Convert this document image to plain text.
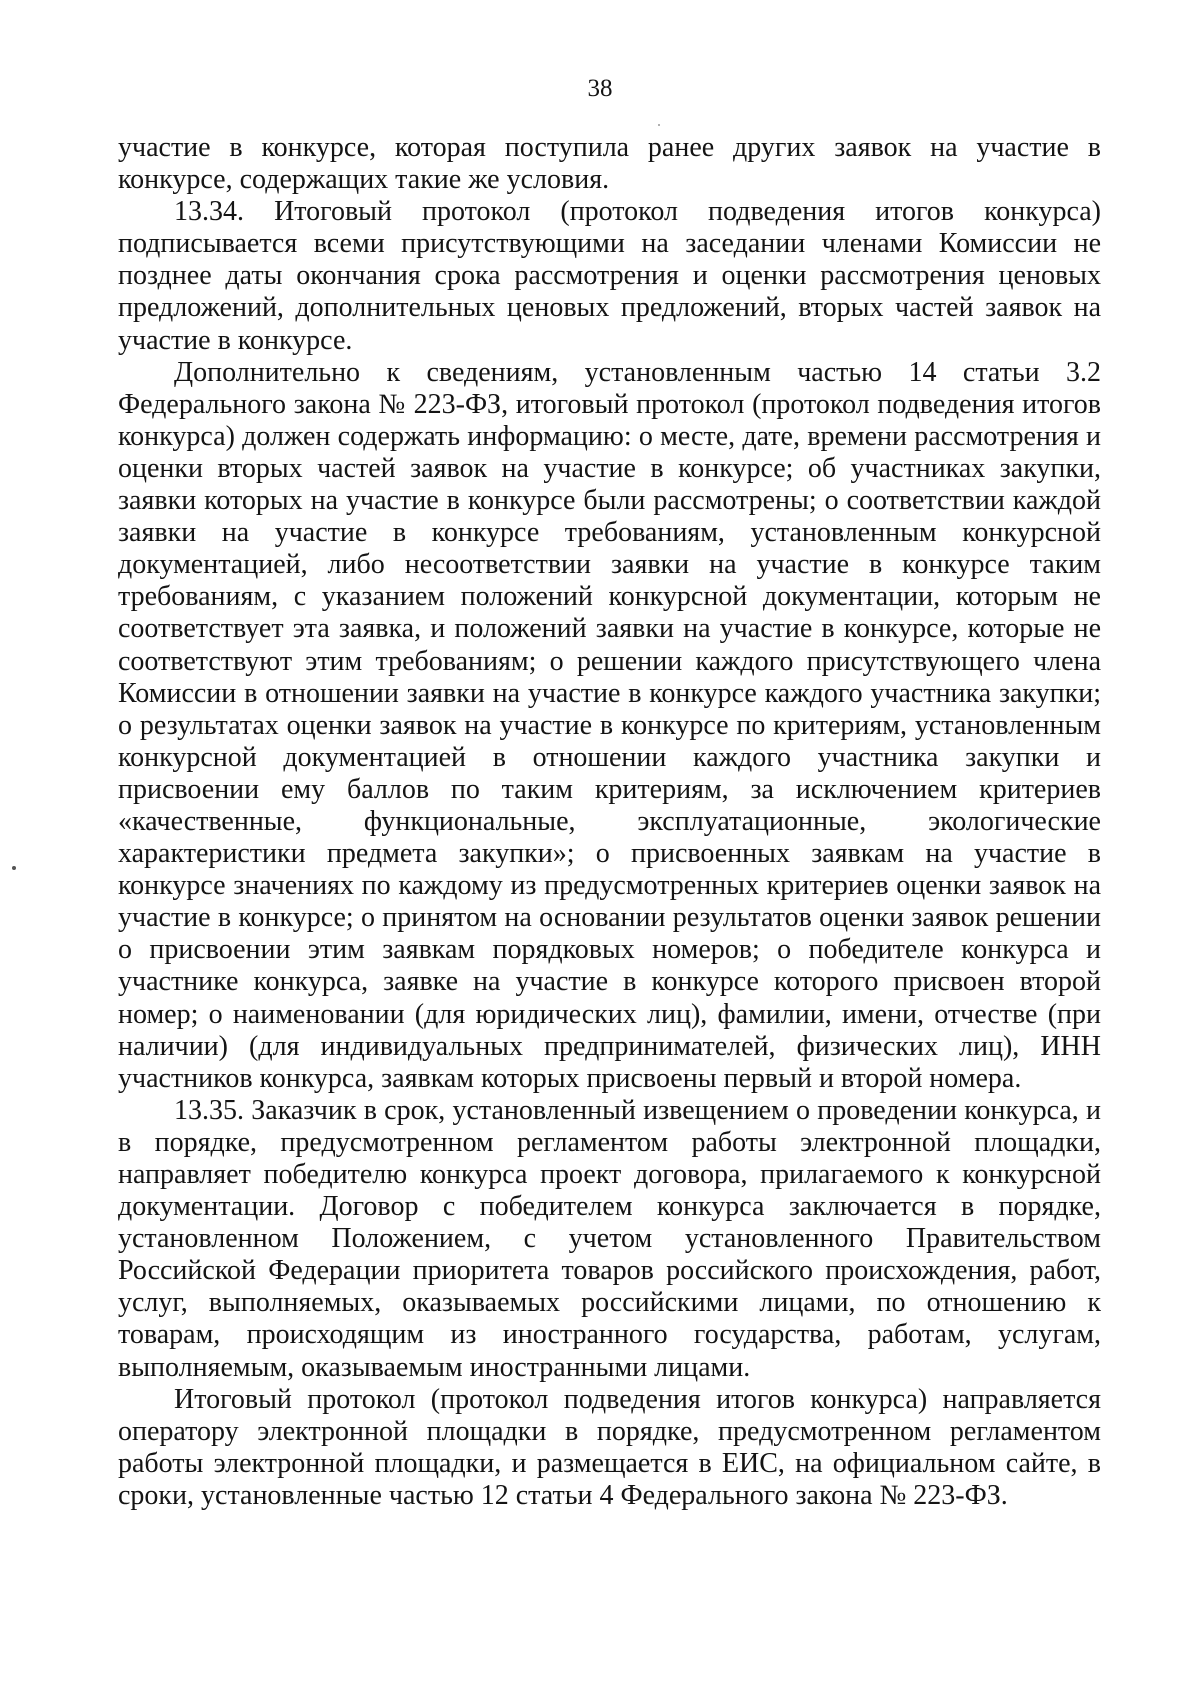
38

участие в конкурсе, которая поступила ранее других заявок на участие в конкурсе, содержащих такие же условия.

13.34. Итоговый протокол (протокол подведения итогов конкурса) подписывается всеми присутствующими на заседании членами Комиссии не позднее даты окончания срока рассмотрения и оценки рассмотрения ценовых предложений, дополнительных ценовых предложений, вторых частей заявок на участие в конкурсе.

Дополнительно к сведениям, установленным частью 14 статьи 3.2 Федерального закона № 223-ФЗ, итоговый протокол (протокол подведения итогов конкурса) должен содержать информацию: о месте, дате, времени рассмотрения и оценки вторых частей заявок на участие в конкурсе; об участниках закупки, заявки которых на участие в конкурсе были рассмотрены; о соответствии каждой заявки на участие в конкурсе требованиям, установленным конкурсной документацией, либо несоответствии заявки на участие в конкурсе таким требованиям, с указанием положений конкурсной документации, которым не соответствует эта заявка, и положений заявки на участие в конкурсе, которые не соответствуют этим требованиям; о решении каждого присутствующего члена Комиссии в отношении заявки на участие в конкурсе каждого участника закупки; о результатах оценки заявок на участие в конкурсе по критериям, установленным конкурсной документацией в отношении каждого участника закупки и присвоении ему баллов по таким критериям, за исключением критериев «качественные, функциональные, эксплуатационные, экологические характеристики предмета закупки»; о присвоенных заявкам на участие в конкурсе значениях по каждому из предусмотренных критериев оценки заявок на участие в конкурсе; о принятом на основании результатов оценки заявок решении о присвоении этим заявкам порядковых номеров; о победителе конкурса и участнике конкурса, заявке на участие в конкурсе которого присвоен второй номер; о наименовании (для юридических лиц), фамилии, имени, отчестве (при наличии) (для индивидуальных предпринимателей, физических лиц), ИНН участников конкурса, заявкам которых присвоены первый и второй номера.

13.35. Заказчик в срок, установленный извещением о проведении конкурса, и в порядке, предусмотренном регламентом работы электронной площадки, направляет победителю конкурса проект договора, прилагаемого к конкурсной документации. Договор с победителем конкурса заключается в порядке, установленном Положением, с учетом установленного Правительством Российской Федерации приоритета товаров российского происхождения, работ, услуг, выполняемых, оказываемых российскими лицами, по отношению к товарам, происходящим из иностранного государства, работам, услугам, выполняемым, оказываемым иностранными лицами.

Итоговый протокол (протокол подведения итогов конкурса) направляется оператору электронной площадки в порядке, предусмотренном регламентом работы электронной площадки, и размещается в ЕИС, на официальном сайте, в сроки, установленные частью 12 статьи 4 Федерального закона № 223-ФЗ.
